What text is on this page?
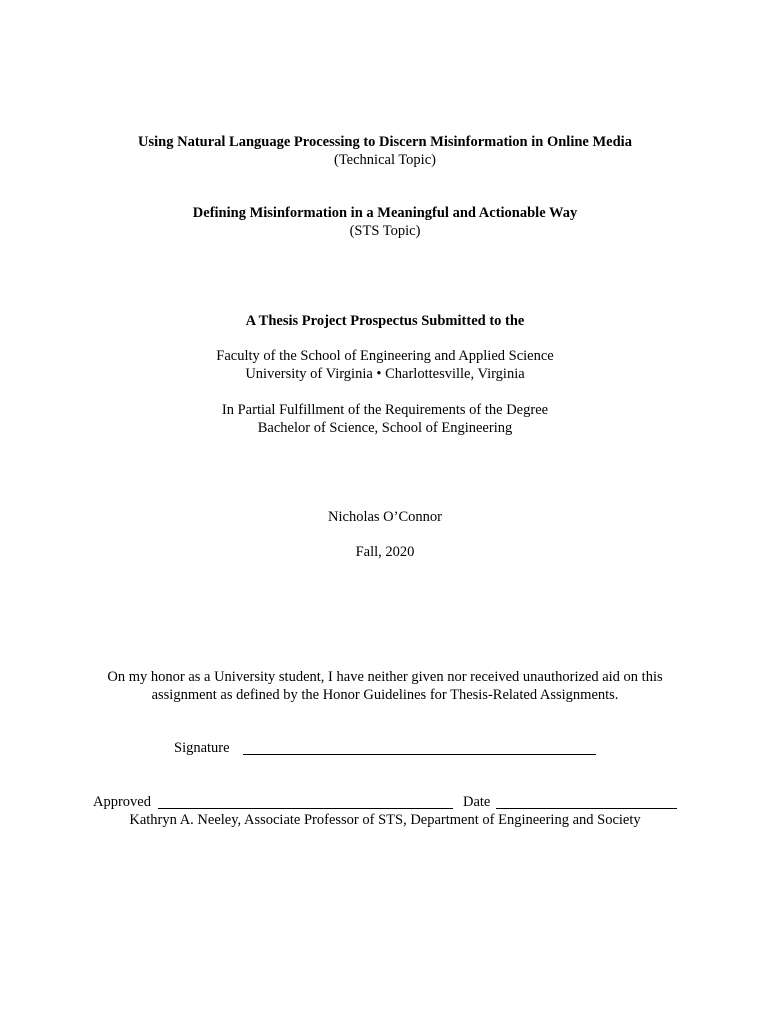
Using Natural Language Processing to Discern Misinformation in Online Media
(Technical Topic)
Defining Misinformation in a Meaningful and Actionable Way
(STS Topic)
A Thesis Project Prospectus Submitted to the
Faculty of the School of Engineering and Applied Science
University of Virginia • Charlottesville, Virginia
In Partial Fulfillment of the Requirements of the Degree
Bachelor of Science, School of Engineering
Nicholas O’Connor
Fall, 2020
On my honor as a University student, I have neither given nor received unauthorized aid on this
assignment as defined by the Honor Guidelines for Thesis-Related Assignments.
Signature
Approved	Date
Kathryn A. Neeley, Associate Professor of STS, Department of Engineering and Society
